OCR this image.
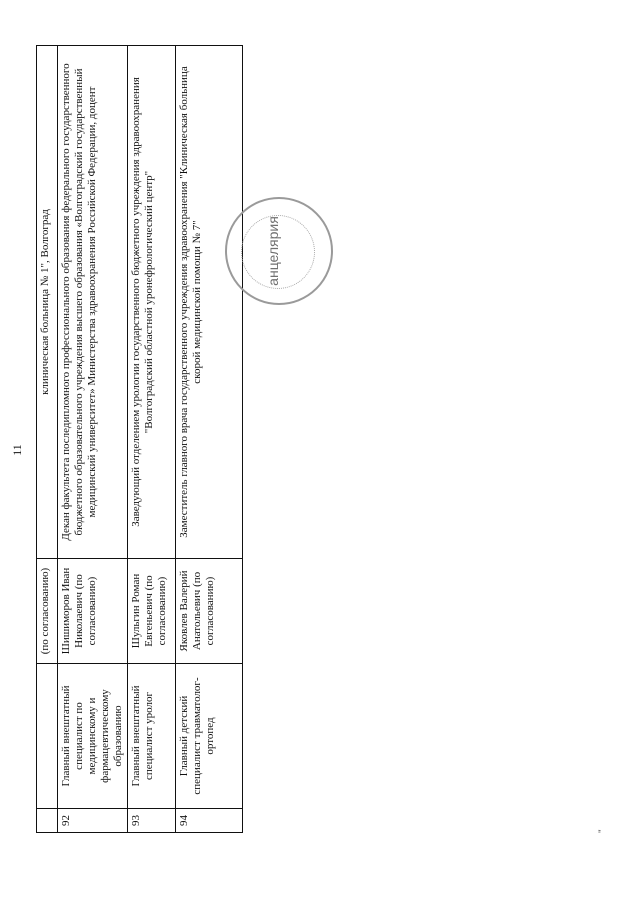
11
		(по согласованию)	клиническая больница № 1", Волгоград
92	Главный внештатный специалист по медицинскому и фармацевтическому образованию	Шишиморов Иван Николаевич (по согласованию)	Декан факультета последипломного профессионального образования федерального государственного бюджетного образовательного учреждения высшего образования «Волгоградский государственный медицинский университет» Министерства здравоохранения Российской Федерации, доцент
93	Главный внештатный специалист уролог	Шульгин Роман Евгеньевич (по согласованию)	Заведующий отделением урологии государственного бюджетного учреждения здравоохранения "Волгоградский областной уронефрологический центр"
94	Главный детский специалист травматолог-ортопед	Яковлев Валерий Анатольевич (по согласованию)	Заместитель главного врача государственного учреждения здравоохранения "Клиническая больница скорой медицинской помощи № 7"	анцелярия
"
